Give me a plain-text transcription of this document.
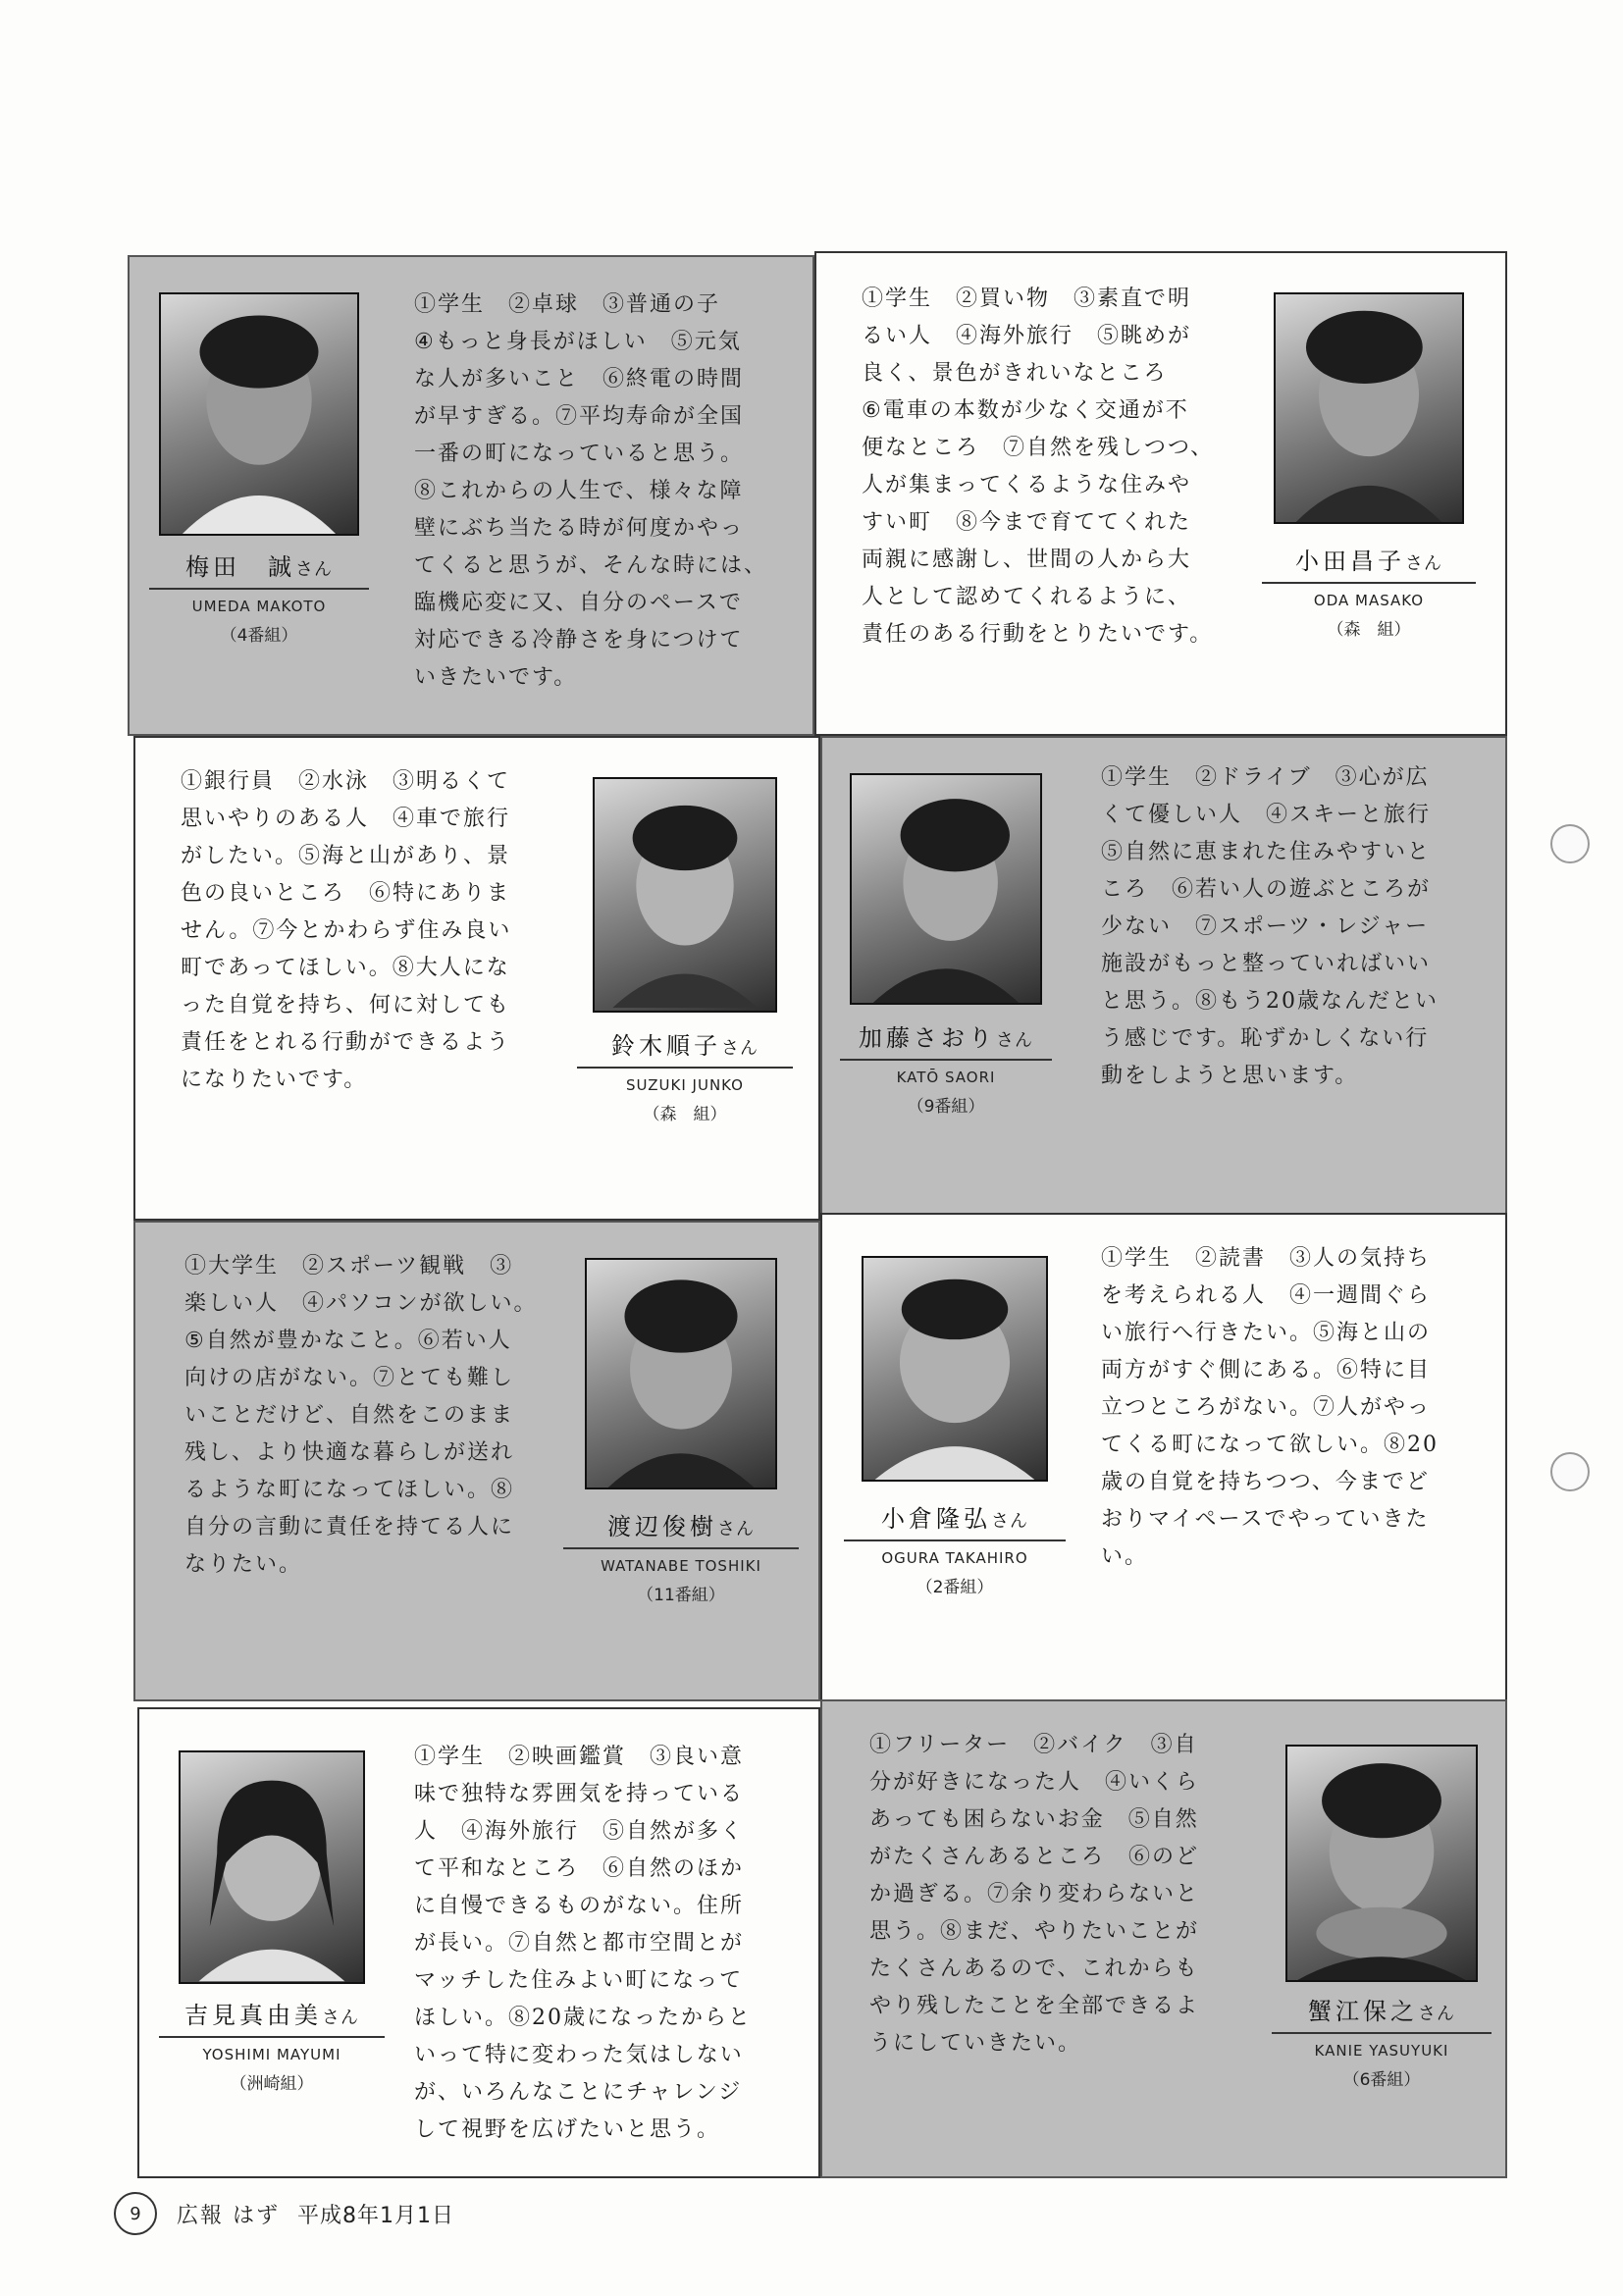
梅田　誠さん
UMEDA MAKOTO
（4番組）
①学生　②卓球　③普通の子
④もっと身長がほしい　⑤元気
な人が多いこと　⑥終電の時間
が早すぎる。⑦平均寿命が全国
一番の町になっていると思う。
⑧これからの人生で、様々な障
壁にぶち当たる時が何度かやっ
てくると思うが、そんな時には、
臨機応変に又、自分のペースで
対応できる冷静さを身につけて
いきたいです。
①学生　②買い物　③素直で明
るい人　④海外旅行　⑤眺めが
良く、景色がきれいなところ
⑥電車の本数が少なく交通が不
便なところ　⑦自然を残しつつ、
人が集まってくるような住みや
すい町　⑧今まで育ててくれた
両親に感謝し、世間の人から大
人として認めてくれるように、
責任のある行動をとりたいです。
小田昌子さん
ODA MASAKO
（森　組）
①銀行員　②水泳　③明るくて
思いやりのある人　④車で旅行
がしたい。⑤海と山があり、景
色の良いところ　⑥特にありま
せん。⑦今とかわらず住み良い
町であってほしい。⑧大人にな
った自覚を持ち、何に対しても
責任をとれる行動ができるよう
になりたいです。
鈴木順子さん
SUZUKI JUNKO
（森　組）
加藤さおりさん
KATŌ SAORI
（9番組）
①学生　②ドライブ　③心が広
くて優しい人　④スキーと旅行
⑤自然に恵まれた住みやすいと
ころ　⑥若い人の遊ぶところが
少ない　⑦スポーツ・レジャー
施設がもっと整っていればいい
と思う。⑧もう20歳なんだとい
う感じです。恥ずかしくない行
動をしようと思います。
①大学生　②スポーツ観戦　③
楽しい人　④パソコンが欲しい。
⑤自然が豊かなこと。⑥若い人
向けの店がない。⑦とても難し
いことだけど、自然をこのまま
残し、より快適な暮らしが送れ
るような町になってほしい。⑧
自分の言動に責任を持てる人に
なりたい。
渡辺俊樹さん
WATANABE TOSHIKI
（11番組）
小倉隆弘さん
OGURA TAKAHIRO
（2番組）
①学生　②読書　③人の気持ち
を考えられる人　④一週間ぐら
い旅行へ行きたい。⑤海と山の
両方がすぐ側にある。⑥特に目
立つところがない。⑦人がやっ
てくる町になって欲しい。⑧20
歳の自覚を持ちつつ、今までど
おりマイペースでやっていきた
い。
吉見真由美さん
YOSHIMI MAYUMI
（洲崎組）
①学生　②映画鑑賞　③良い意
味で独特な雰囲気を持っている
人　④海外旅行　⑤自然が多く
て平和なところ　⑥自然のほか
に自慢できるものがない。住所
が長い。⑦自然と都市空間とが
マッチした住みよい町になって
ほしい。⑧20歳になったからと
いって特に変わった気はしない
が、いろんなことにチャレンジ
して視野を広げたいと思う。
①フリーター　②バイク　③自
分が好きになった人　④いくら
あっても困らないお金　⑤自然
がたくさんあるところ　⑥のど
か過ぎる。⑦余り変わらないと
思う。⑧まだ、やりたいことが
たくさんあるので、これからも
やり残したことを全部できるよ
うにしていきたい。
蟹江保之さん
KANIE YASUYUKI
（6番組）
9	広報 はず 平成8年1月1日
